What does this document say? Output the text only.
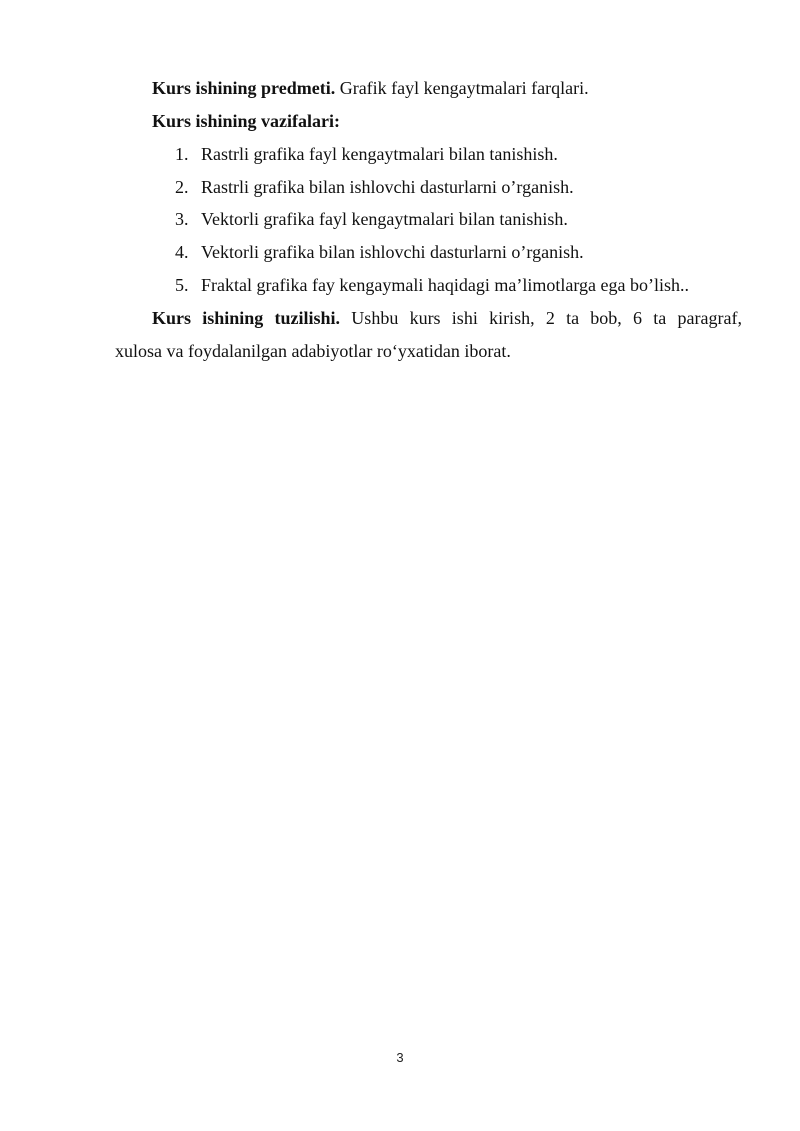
Kurs ishining predmeti. Grafik fayl kengaytmalari farqlari.
Kurs ishining vazifalari:
1. Rastrli grafika fayl kengaytmalari bilan tanishish.
2. Rastrli grafika bilan ishlovchi dasturlarni o’rganish.
3. Vektorli grafika fayl kengaytmalari bilan tanishish.
4. Vektorli grafika bilan ishlovchi dasturlarni o’rganish.
5. Fraktal grafika fay kengaymali haqidagi ma’limotlarga ega bo’lish..
Kurs ishining tuzilishi. Ushbu kurs ishi kirish, 2 ta bob, 6 ta paragraf,
xulosa va foydalanilgan adabiyotlar ro‘yxatidan iborat.
3
